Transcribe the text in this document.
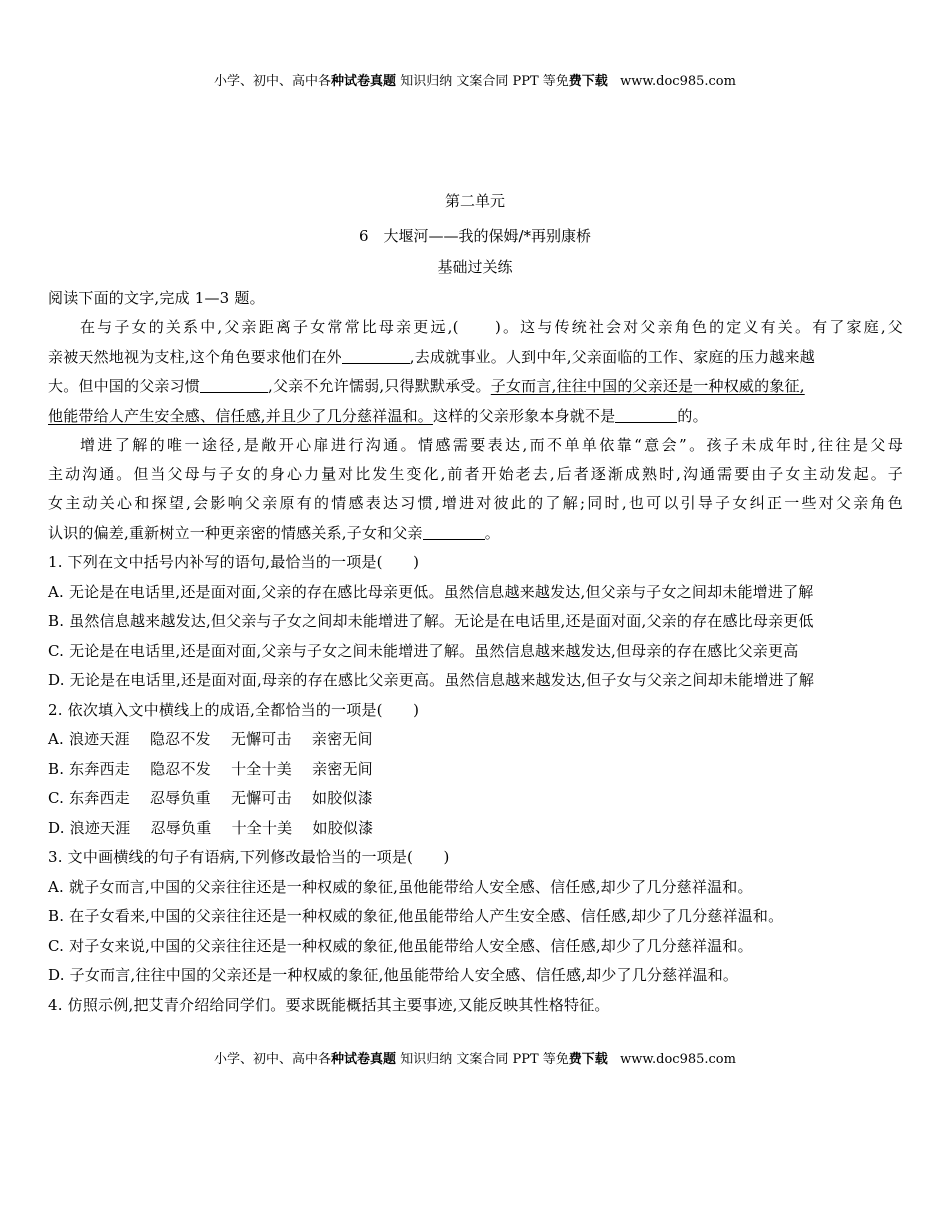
小学、初中、高中各种试卷真题 知识归纳 文案合同 PPT 等免费下载   www.doc985.com
第二单元
6　大堰河——我的保姆/*再别康桥
基础过关练
阅读下面的文字,完成 1—3 题。
在与子女的关系中,父亲距离子女常常比母亲更远,(　　)。这与传统社会对父亲角色的定义有关。有了家庭,父
亲被天然地视为支柱,这个角色要求他们在外	,去成就事业。人到中年,父亲面临的工作、家庭的压力越来越
大。但中国的父亲习惯	,父亲不允许懦弱,只得默默承受。子女而言,往往中国的父亲还是一种权威的象征,
他能带给人产生安全感、信任感,并且少了几分慈祥温和。这样的父亲形象本身就不是	的。
增进了解的唯一途径,是敞开心扉进行沟通。情感需要表达,而不单单依靠“意会”。孩子未成年时,往往是父母
主动沟通。但当父母与子女的身心力量对比发生变化,前者开始老去,后者逐渐成熟时,沟通需要由子女主动发起。子
女主动关心和探望,会影响父亲原有的情感表达习惯,增进对彼此的了解;同时,也可以引导子女纠正一些对父亲角色
认识的偏差,重新树立一种更亲密的情感关系,子女和父亲	。
1. 下列在文中括号内补写的语句,最恰当的一项是(　　)
A. 无论是在电话里,还是面对面,父亲的存在感比母亲更低。虽然信息越来越发达,但父亲与子女之间却未能增进了解
B. 虽然信息越来越发达,但父亲与子女之间却未能增进了解。无论是在电话里,还是面对面,父亲的存在感比母亲更低
C. 无论是在电话里,还是面对面,父亲与子女之间未能增进了解。虽然信息越来越发达,但母亲的存在感比父亲更高
D. 无论是在电话里,还是面对面,母亲的存在感比父亲更高。虽然信息越来越发达,但子女与父亲之间却未能增进了解
2. 依次填入文中横线上的成语,全都恰当的一项是(　　)
A. 浪迹天涯　 隐忍不发　 无懈可击　 亲密无间
B. 东奔西走　 隐忍不发　 十全十美　 亲密无间
C. 东奔西走　 忍辱负重　 无懈可击　 如胶似漆
D. 浪迹天涯　 忍辱负重　 十全十美　 如胶似漆
3. 文中画横线的句子有语病,下列修改最恰当的一项是(　　)
A. 就子女而言,中国的父亲往往还是一种权威的象征,虽他能带给人安全感、信任感,却少了几分慈祥温和。
B. 在子女看来,中国的父亲往往还是一种权威的象征,他虽能带给人产生安全感、信任感,却少了几分慈祥温和。
C. 对子女来说,中国的父亲往往还是一种权威的象征,他虽能带给人安全感、信任感,却少了几分慈祥温和。
D. 子女而言,往往中国的父亲还是一种权威的象征,他虽能带给人安全感、信任感,却少了几分慈祥温和。
4. 仿照示例,把艾青介绍给同学们。要求既能概括其主要事迹,又能反映其性格特征。
小学、初中、高中各种试卷真题 知识归纳 文案合同 PPT 等免费下载   www.doc985.com
